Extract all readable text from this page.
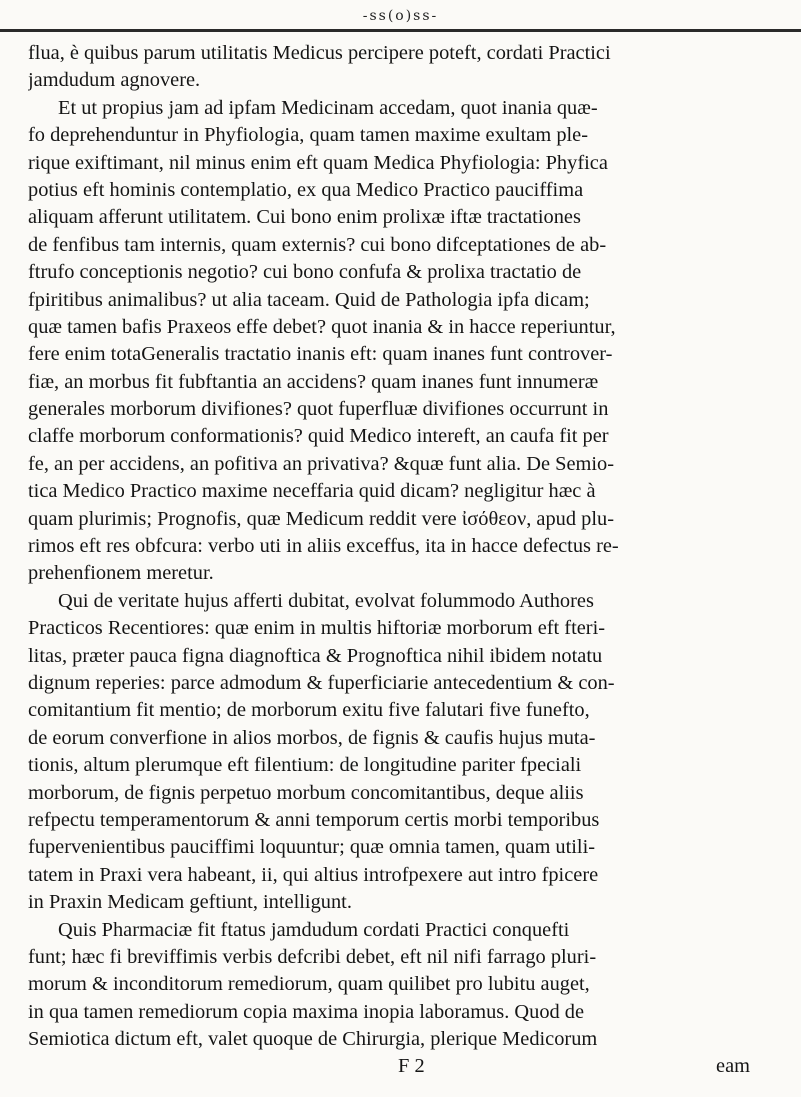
-ss(o)ss-
flua, è quibus parum utilitatis Medicus percipere poteft, cordati Practici
jamdudum agnovere.
Et ut propius jam ad ipfam Medicinam accedam, quot inania quæ-
fo deprehenduntur in Phyfiologia, quam tamen maxime exultam ple-
rique exiftimant, nil minus enim eft quam Medica Phyfiologia: Phyfica
potius eft hominis contemplatio, ex qua Medico Practico pauciffima
aliquam afferunt utilitatem. Cui bono enim prolixæ iftæ tractationes
de fenfibus tam internis, quam externis? cui bono difceptationes de ab-
ftrufo conceptionis negotio? cui bono confufa & prolixa tractatio de
fpiritibus animalibus? ut alia taceam. Quid de Pathologia ipfa dicam;
quæ tamen bafis Praxeos effe debet? quot inania & in hacce reperiuntur,
fere enim totaGeneralis tractatio inanis eft: quam inanes funt controver-
fiæ, an morbus fit fubftantia an accidens? quam inanes funt innumeræ
generales morborum divifiones? quot fuperfluæ divifiones occurrunt in
claffe morborum conformationis? quid Medico intereft, an caufa fit per
fe, an per accidens, an pofitiva an privativa? &quæ funt alia. De Semio-
tica Medico Practico maxime neceffaria quid dicam? negligitur hæc à
quam plurimis; Prognofis, quæ Medicum reddit vere ἰσόθεον, apud plu-
rimos eft res obfcura: verbo uti in aliis exceffus, ita in hacce defectus re-
prehenfionem meretur.
Qui de veritate hujus afferti dubitat, evolvat folummodo Authores
Practicos Recentiores: quæ enim in multis hiftoriæ morborum eft fteri-
litas, præter pauca figna diagnoftica & Prognoftica nihil ibidem notatu
dignum reperies: parce admodum & fuperficiarie antecedentium & con-
comitantium fit mentio; de morborum exitu five falutari five funefto,
de eorum converfione in alios morbos, de fignis & caufis hujus muta-
tionis, altum plerumque eft filentium: de longitudine pariter fpeciali
morborum, de fignis perpetuo morbum concomitantibus, deque aliis
refpectu temperamentorum & anni temporum certis morbi temporibus
fupervenientibus pauciffimi loquuntur; quæ omnia tamen, quam utili-
tatem in Praxi vera habeant, ii, qui altius introfpexere aut intro fpicere
in Praxin Medicam geftiunt, intelligunt.
Quis Pharmaciæ fit ftatus jamdudum cordati Practici conquefti
funt; hæc fi breviffimis verbis defcribi debet, eft nil nifi farrago pluri-
morum & inconditorum remediorum, quam quilibet pro lubitu auget,
in qua tamen remediorum copia maxima inopia laboramus. Quod de
Semiotica dictum eft, valet quoque de Chirurgia, plerique Medicorum
F 2	eam
